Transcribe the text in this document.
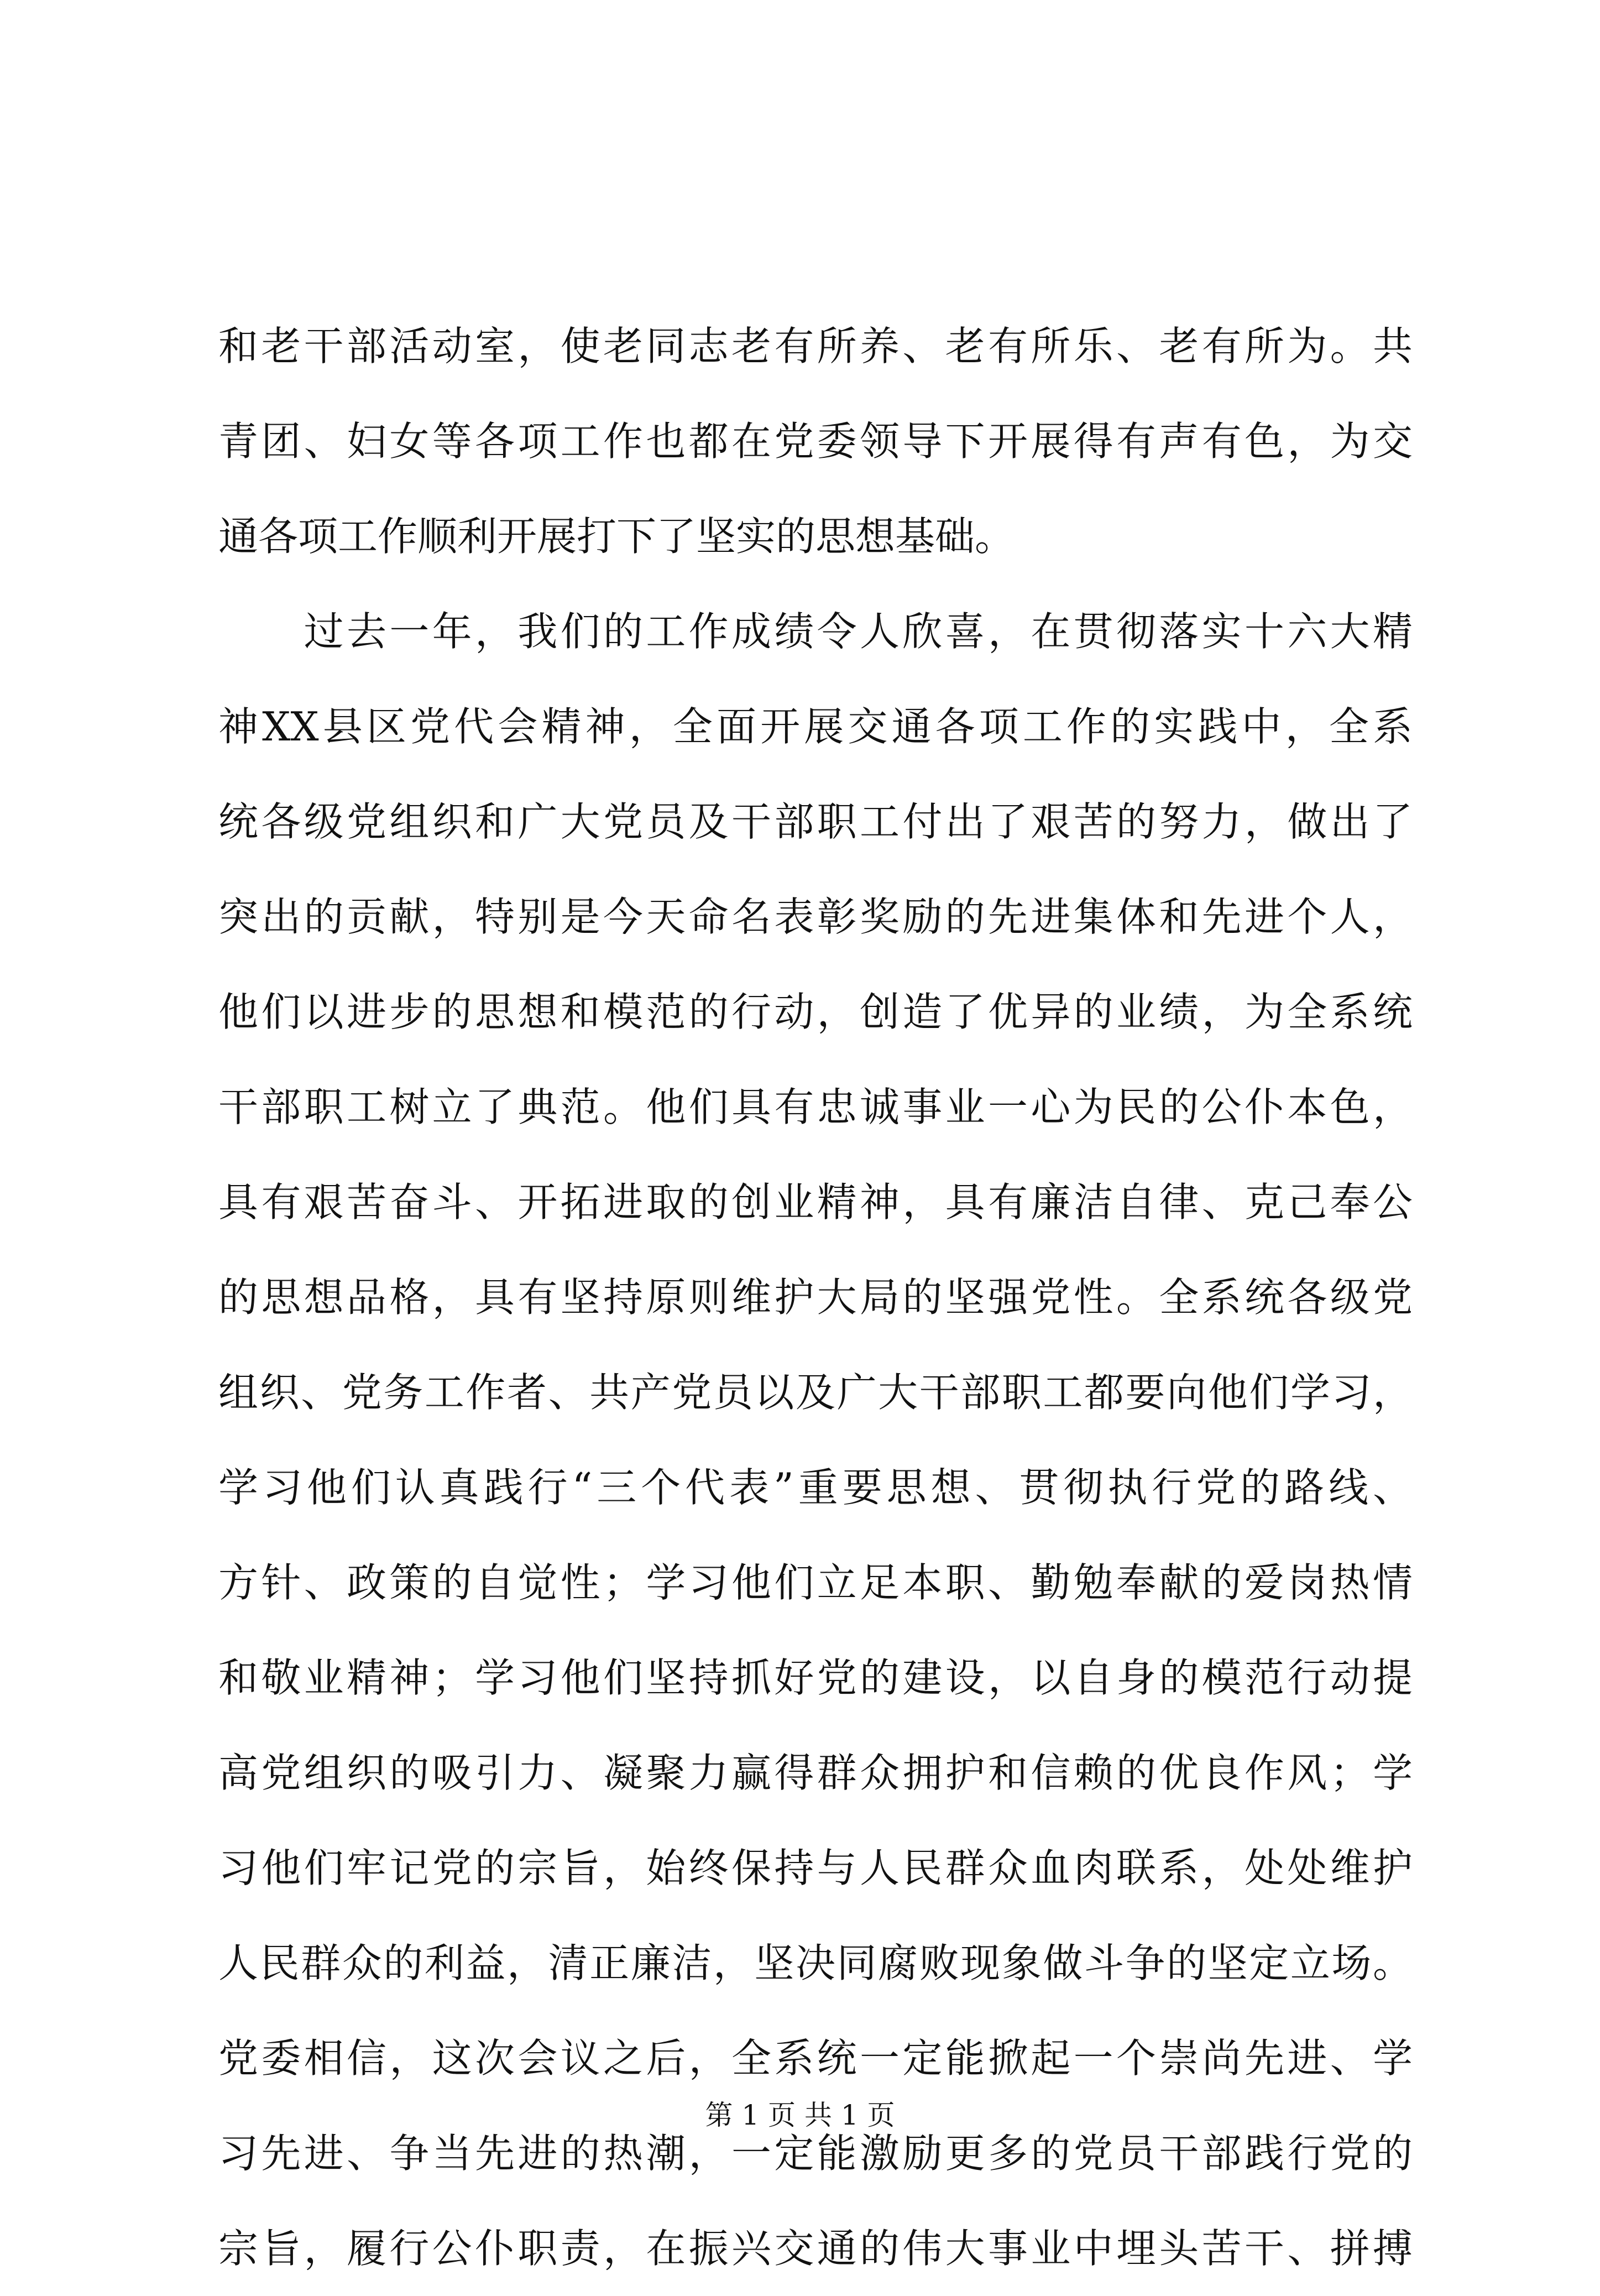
和老干部活动室，使老同志老有所养、老有所乐、老有所为。共
青团、妇女等各项工作也都在党委领导下开展得有声有色，为交
通各项工作顺利开展打下了坚实的思想基础。
　　过去一年，我们的工作成绩令人欣喜，在贯彻落实十六大精
神XX县区党代会精神，全面开展交通各项工作的实践中，全系
统各级党组织和广大党员及干部职工付出了艰苦的努力，做出了
突出的贡献，特别是今天命名表彰奖励的先进集体和先进个人，
他们以进步的思想和模范的行动，创造了优异的业绩，为全系统
干部职工树立了典范。他们具有忠诚事业一心为民的公仆本色，
具有艰苦奋斗、开拓进取的创业精神，具有廉洁自律、克己奉公
的思想品格，具有坚持原则维护大局的坚强党性。全系统各级党
组织、党务工作者、共产党员以及广大干部职工都要向他们学习，
学习他们认真践行“三个代表”重要思想、贯彻执行党的路线、
方针、政策的自觉性；学习他们立足本职、勤勉奉献的爱岗热情
和敬业精神；学习他们坚持抓好党的建设，以自身的模范行动提
高党组织的吸引力、凝聚力赢得群众拥护和信赖的优良作风；学
习他们牢记党的宗旨，始终保持与人民群众血肉联系，处处维护
人民群众的利益，清正廉洁，坚决同腐败现象做斗争的坚定立场。
党委相信，这次会议之后，全系统一定能掀起一个崇尚先进、学
习先进、争当先进的热潮，一定能激励更多的党员干部践行党的
宗旨，履行公仆职责，在振兴交通的伟大事业中埋头苦干、拼搏
第 1 页 共 1 页
